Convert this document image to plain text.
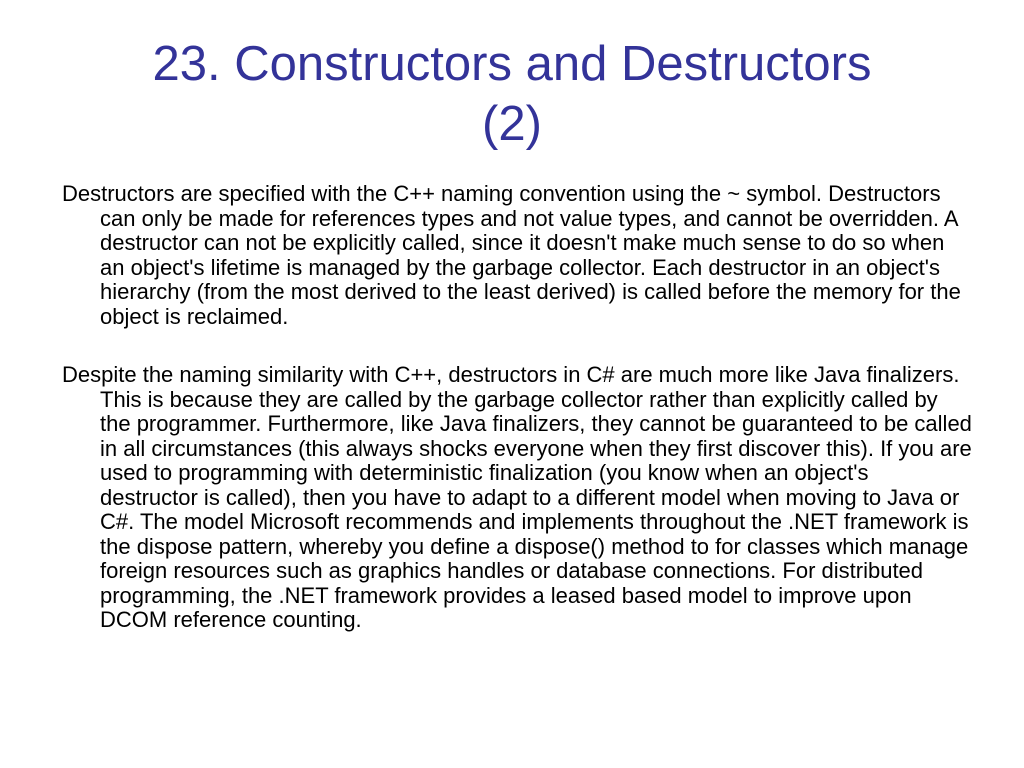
23. Constructors and Destructors
(2)

Destructors are specified with the C++ naming convention using the ~ symbol. Destructors can only be made for references types and not value types, and cannot be overridden. A destructor can not be explicitly called, since it doesn't make much sense to do so when an object's lifetime is managed by the garbage collector. Each destructor in an object's hierarchy (from the most derived to the least derived) is called before the memory for the object is reclaimed.

Despite the naming similarity with C++, destructors in C# are much more like Java finalizers. This is because they are called by the garbage collector rather than explicitly called by the programmer. Furthermore, like Java finalizers, they cannot be guaranteed to be called in all circumstances (this always shocks everyone when they first discover this). If you are used to programming with deterministic finalization (you know when an object's destructor is called), then you have to adapt to a different model when moving to Java or C#. The model Microsoft recommends and implements throughout the .NET framework is the dispose pattern, whereby you define a dispose() method to for classes which manage foreign resources such as graphics handles or database connections. For distributed programming, the .NET framework provides a leased based model to improve upon DCOM reference counting.
